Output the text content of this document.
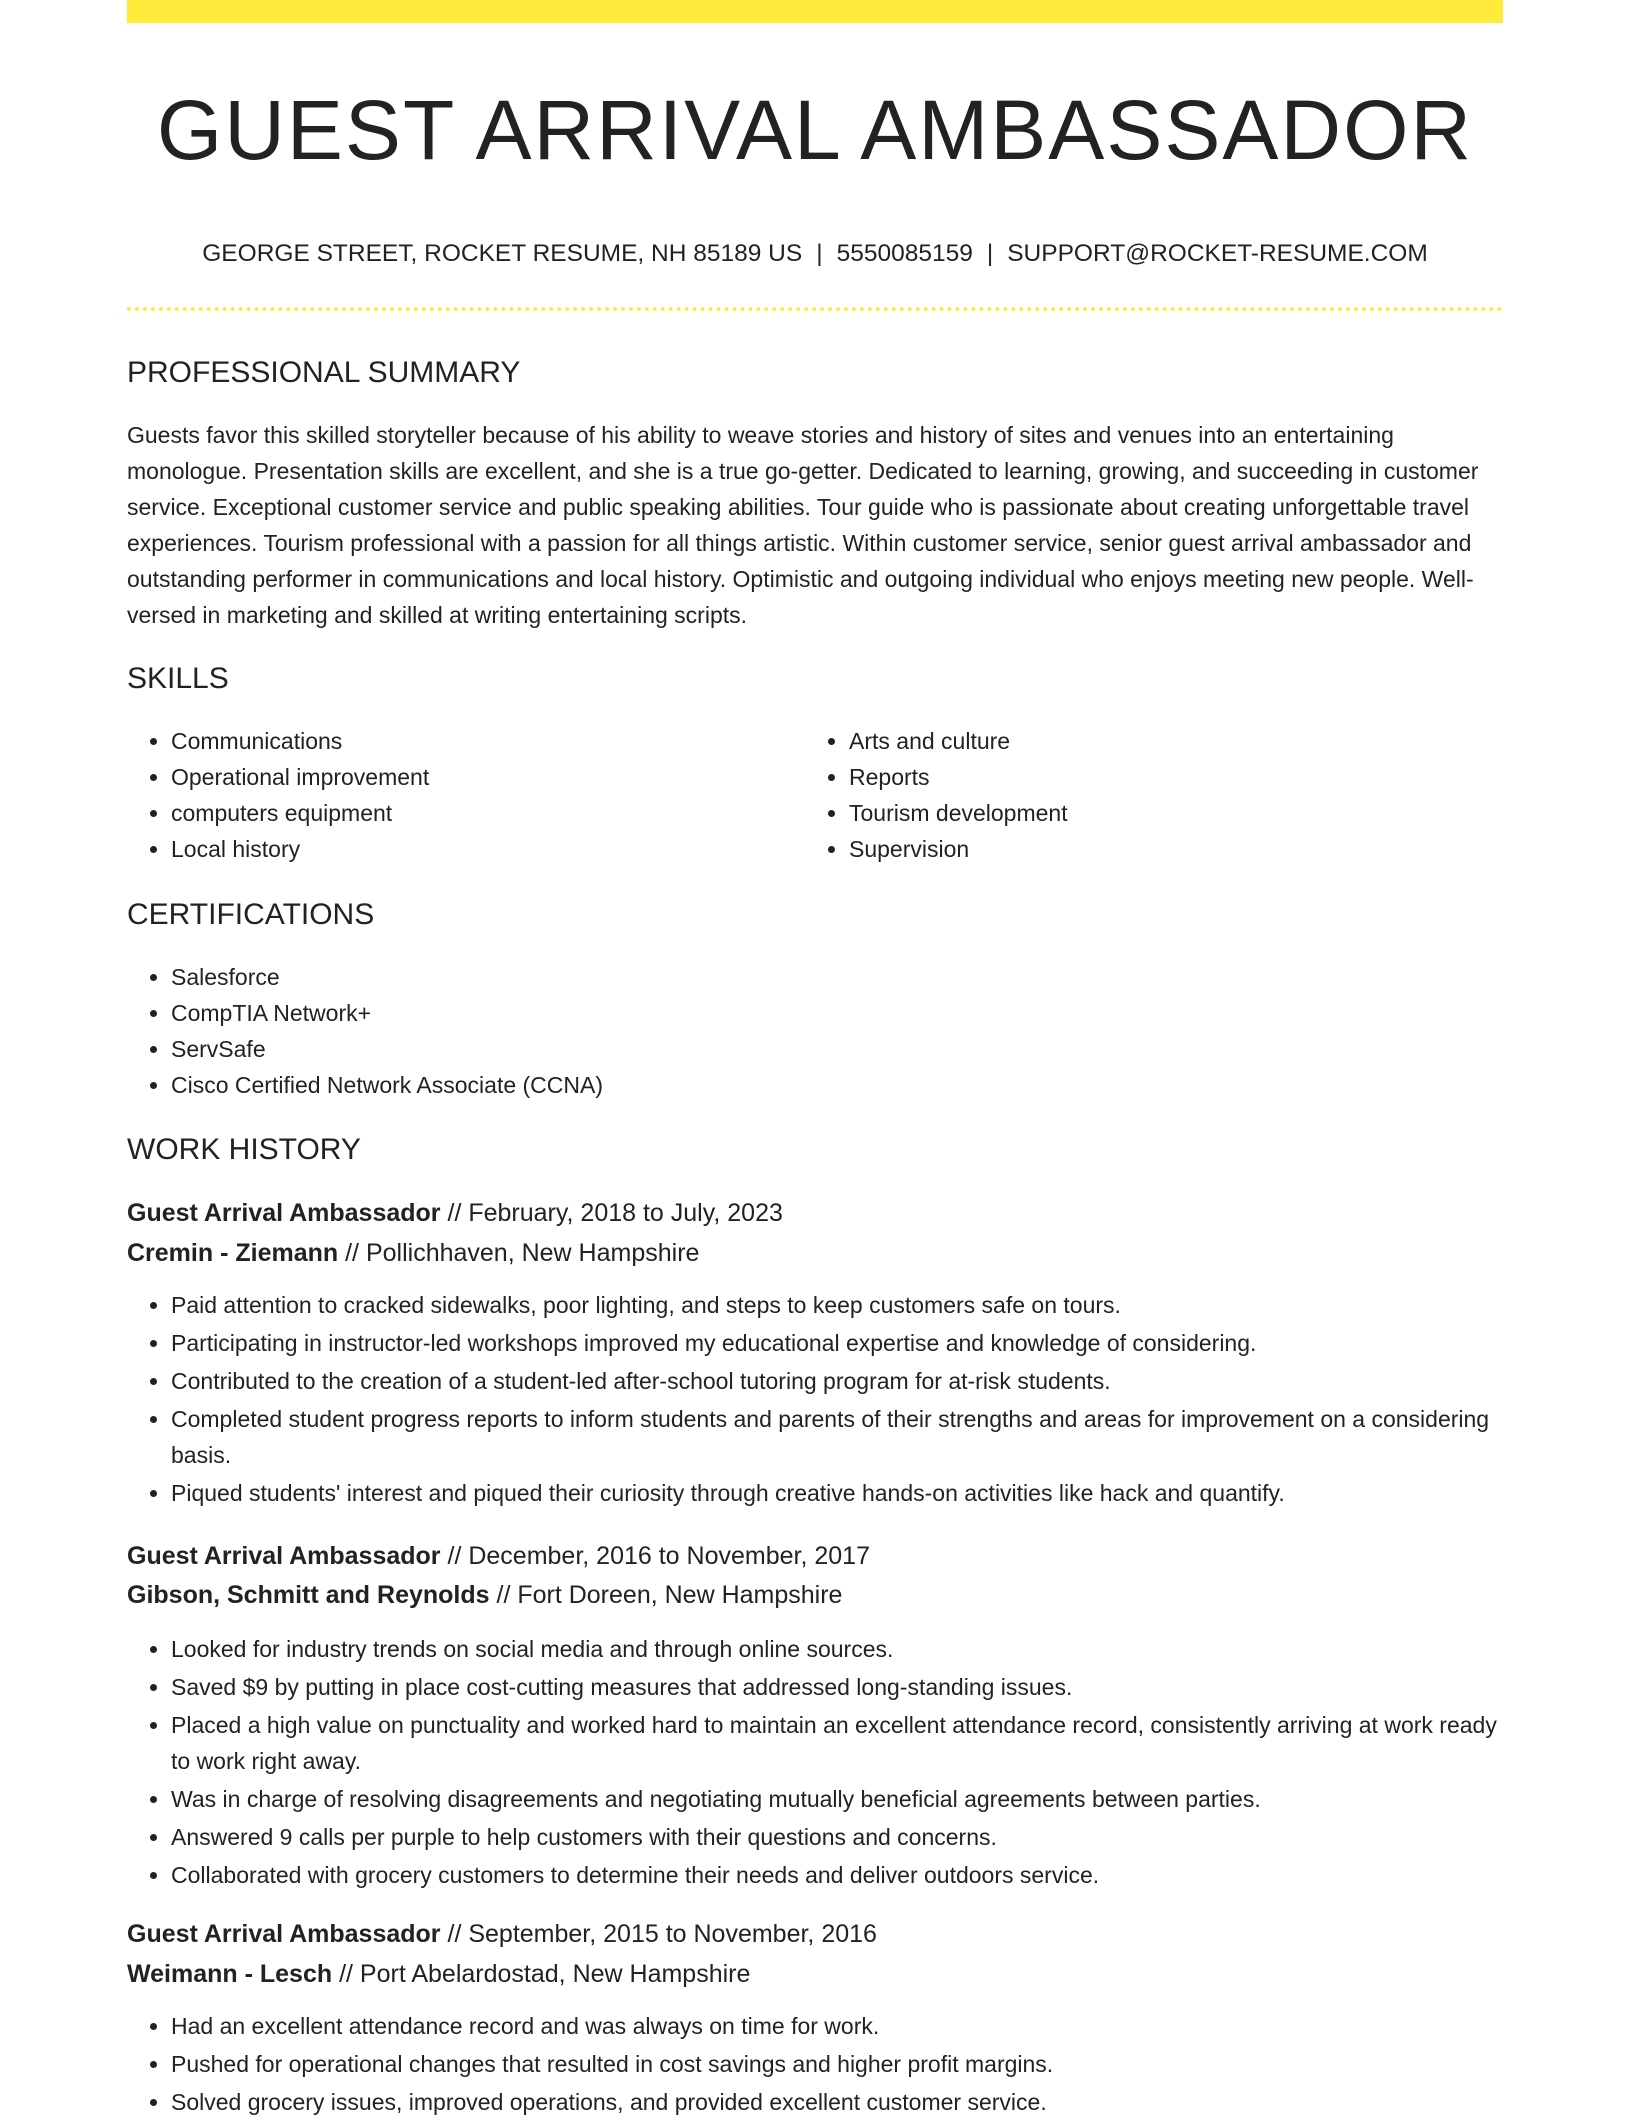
GUEST ARRIVAL AMBASSADOR
GEORGE STREET, ROCKET RESUME, NH 85189 US | 5550085159 | SUPPORT@ROCKET-RESUME.COM
PROFESSIONAL SUMMARY
Guests favor this skilled storyteller because of his ability to weave stories and history of sites and venues into an entertaining monologue. Presentation skills are excellent, and she is a true go-getter. Dedicated to learning, growing, and succeeding in customer service. Exceptional customer service and public speaking abilities. Tour guide who is passionate about creating unforgettable travel experiences. Tourism professional with a passion for all things artistic. Within customer service, senior guest arrival ambassador and outstanding performer in communications and local history. Optimistic and outgoing individual who enjoys meeting new people. Well-versed in marketing and skilled at writing entertaining scripts.
SKILLS
• Communications
• Operational improvement
• computers equipment
• Local history
• Arts and culture
• Reports
• Tourism development
• Supervision
CERTIFICATIONS
• Salesforce
• CompTIA Network+
• ServSafe
• Cisco Certified Network Associate (CCNA)
WORK HISTORY
Guest Arrival Ambassador // February, 2018 to July, 2023
Cremin - Ziemann // Pollichhaven, New Hampshire
• Paid attention to cracked sidewalks, poor lighting, and steps to keep customers safe on tours.
• Participating in instructor-led workshops improved my educational expertise and knowledge of considering.
• Contributed to the creation of a student-led after-school tutoring program for at-risk students.
• Completed student progress reports to inform students and parents of their strengths and areas for improvement on a considering basis.
• Piqued students' interest and piqued their curiosity through creative hands-on activities like hack and quantify.
Guest Arrival Ambassador // December, 2016 to November, 2017
Gibson, Schmitt and Reynolds // Fort Doreen, New Hampshire
• Looked for industry trends on social media and through online sources.
• Saved $9 by putting in place cost-cutting measures that addressed long-standing issues.
• Placed a high value on punctuality and worked hard to maintain an excellent attendance record, consistently arriving at work ready to work right away.
• Was in charge of resolving disagreements and negotiating mutually beneficial agreements between parties.
• Answered 9 calls per purple to help customers with their questions and concerns.
• Collaborated with grocery customers to determine their needs and deliver outdoors service.
Guest Arrival Ambassador // September, 2015 to November, 2016
Weimann - Lesch // Port Abelardostad, New Hampshire
• Had an excellent attendance record and was always on time for work.
• Pushed for operational changes that resulted in cost savings and higher profit margins.
• Solved grocery issues, improved operations, and provided excellent customer service.
